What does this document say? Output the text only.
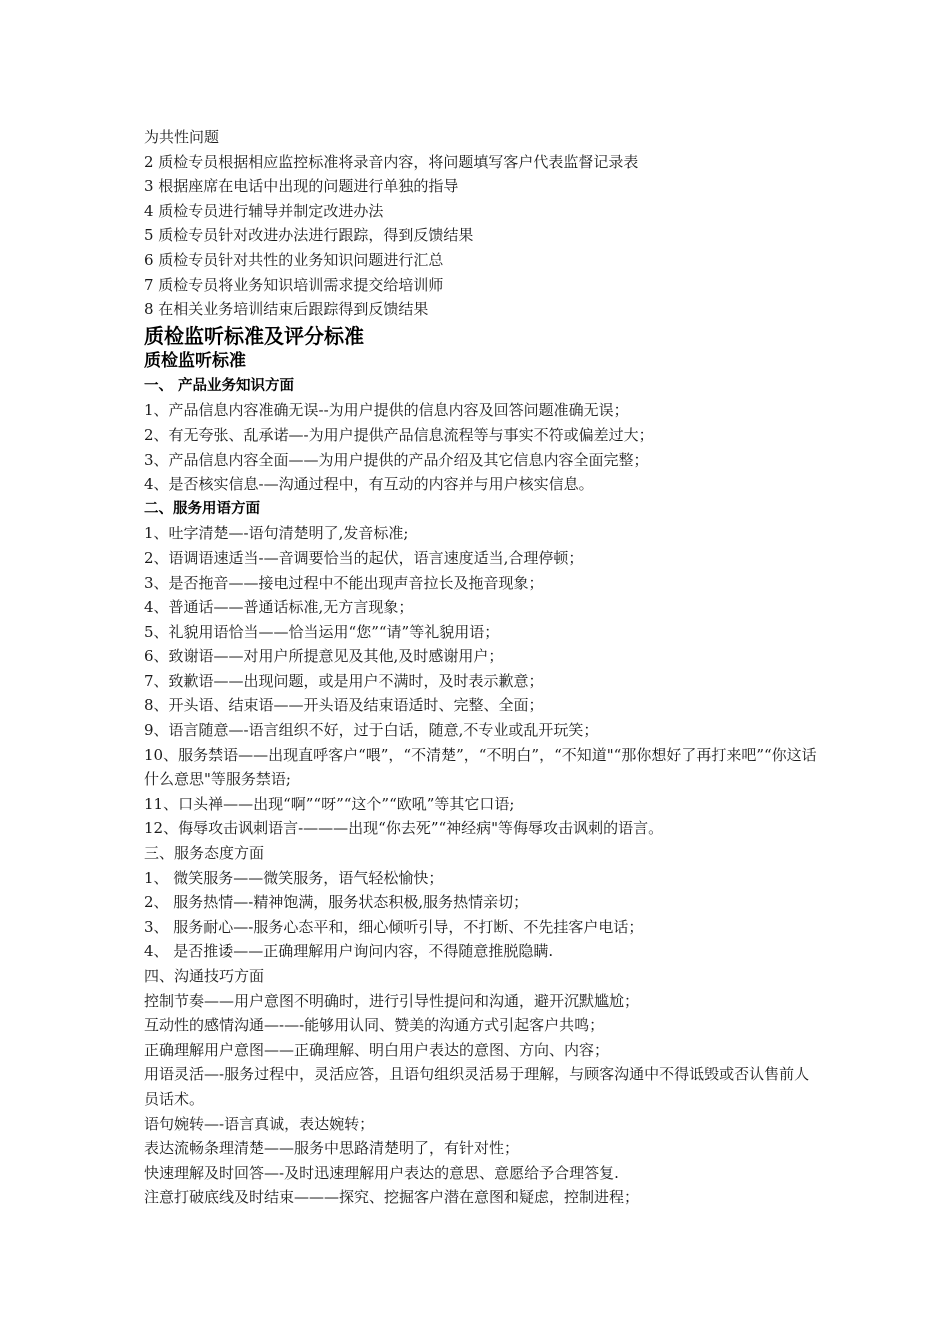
为共性问题
2 质检专员根据相应监控标准将录音内容，将问题填写客户代表监督记录表
3 根据座席在电话中出现的问题进行单独的指导
4 质检专员进行辅导并制定改进办法
5 质检专员针对改进办法进行跟踪，得到反馈结果
6 质检专员针对共性的业务知识问题进行汇总
7 质检专员将业务知识培训需求提交给培训师
8 在相关业务培训结束后跟踪得到反馈结果
质检监听标准及评分标准
质检监听标准
一、 产品业务知识方面
1、产品信息内容准确无误--为用户提供的信息内容及回答问题准确无误；
2、有无夸张、乱承诺—-为用户提供产品信息流程等与事实不符或偏差过大；
3、产品信息内容全面——为用户提供的产品介绍及其它信息内容全面完整；
4、是否核实信息-—沟通过程中，有互动的内容并与用户核实信息。
二、服务用语方面
1、吐字清楚—-语句清楚明了,发音标准;
2、语调语速适当-—音调要恰当的起伏，语言速度适当,合理停顿；
3、是否拖音——接电过程中不能出现声音拉长及拖音现象；
4、普通话——普通话标准,无方言现象；
5、礼貌用语恰当——恰当运用“您”“请”等礼貌用语；
6、致谢语——对用户所提意见及其他,及时感谢用户；
7、致歉语——出现问题，或是用户不满时，及时表示歉意；
8、开头语、结束语——开头语及结束语适时、完整、全面；
9、语言随意—-语言组织不好，过于白话，随意,不专业或乱开玩笑；
10、服务禁语——出现直呼客户“喂”，“不清楚”，“不明白”，“不知道"“那你想好了再打来吧”“你这话什么意思"等服务禁语;
11、口头禅——出现“啊”“呀”“这个”“欧吼”等其它口语;
12、侮辱攻击讽刺语言-———出现“你去死”“神经病"等侮辱攻击讽刺的语言。
三、服务态度方面
1、 微笑服务——微笑服务，语气轻松愉快；
2、 服务热情—-精神饱满，服务状态积极,服务热情亲切；
3、 服务耐心—-服务心态平和，细心倾听引导，不打断、不先挂客户电话；
4、 是否推诿——正确理解用户询问内容，不得随意推脱隐瞒.
四、沟通技巧方面
控制节奏——用户意图不明确时，进行引导性提问和沟通，避开沉默尴尬；
互动性的感情沟通—-—-能够用认同、赞美的沟通方式引起客户共鸣；
正确理解用户意图——正确理解、明白用户表达的意图、方向、内容；
用语灵活—-服务过程中，灵活应答，且语句组织灵活易于理解，与顾客沟通中不得诋毁或否认售前人员话术。
语句婉转—-语言真诚，表达婉转；
表达流畅条理清楚——服务中思路清楚明了，有针对性；
快速理解及时回答—-及时迅速理解用户表达的意思、意愿给予合理答复.
注意打破底线及时结束———探究、挖掘客户潜在意图和疑虑，控制进程；
